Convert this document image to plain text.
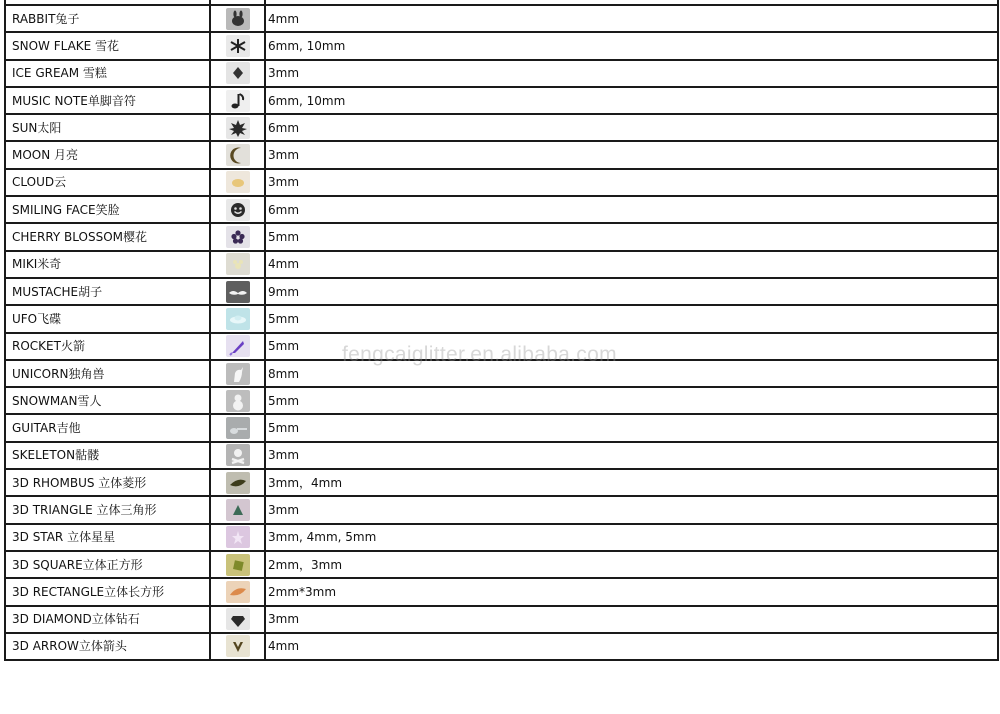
RABBIT兔子		4mm
SNOW FLAKE 雪花		6mm, 10mm
ICE GREAM 雪糕		3mm
MUSIC NOTE单脚音符		6mm, 10mm
SUN太阳		6mm
MOON 月亮		3mm
CLOUD云		3mm
SMILING FACE笑脸		6mm
CHERRY BLOSSOM樱花		5mm
MIKI米奇		4mm
MUSTACHE胡子		9mm
UFO飞碟		5mm
ROCKET火箭		5mm
UNICORN独角兽		8mm
SNOWMAN雪人		5mm
GUITAR吉他		5mm
SKELETON骷髅		3mm
3D RHOMBUS 立体菱形		3mm，4mm
3D TRIANGLE 立体三角形		3mm
3D STAR 立体星星		3mm, 4mm, 5mm
3D SQUARE立体正方形		2mm，3mm
3D RECTANGLE立体长方形		2mm*3mm
3D DIAMOND立体钻石		3mm
3D ARROW立体箭头		4mm
fengcaiglitter.en.alibaba.com
